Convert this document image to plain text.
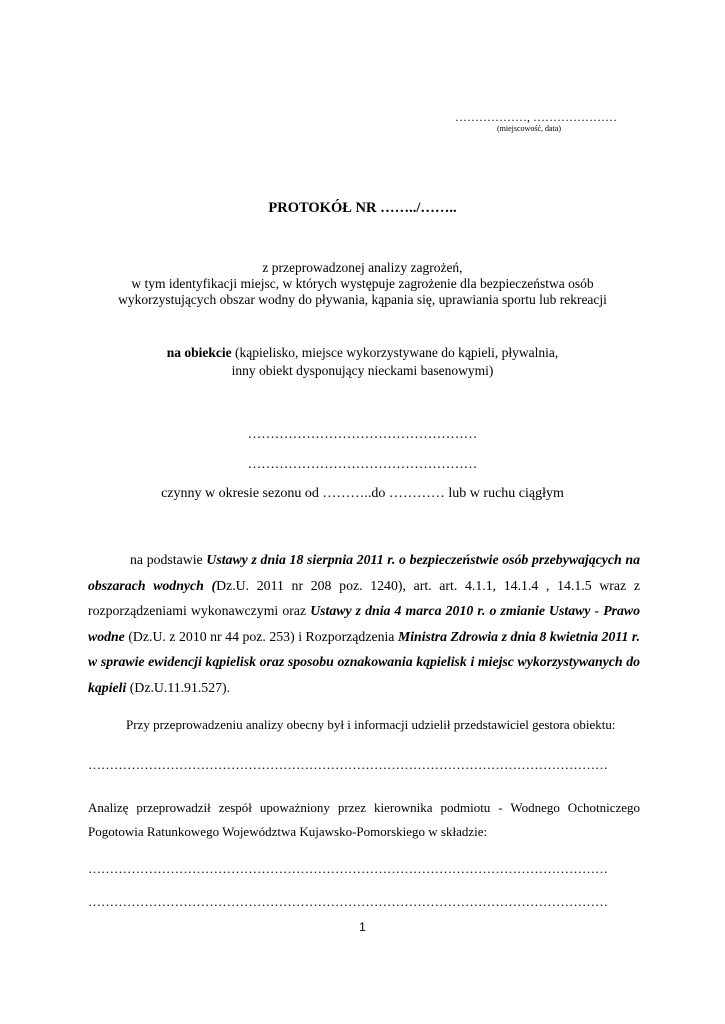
………………, …………………
(miejscowość, data)
PROTOKÓŁ NR ……../……..
z przeprowadzonej analizy zagrożeń,
w tym identyfikacji miejsc, w których występuje zagrożenie dla bezpieczeństwa osób
wykorzystujących obszar wodny do pływania, kąpania się, uprawiania sportu lub rekreacji
na obiekcie (kąpielisko, miejsce wykorzystywane do kąpieli, pływalnia,
inny obiekt dysponujący nieckami basenowymi)
……………………………………………
……………………………………………
czynny w okresie sezonu od ………..do ………… lub w ruchu ciągłym
na podstawie Ustawy z dnia 18 sierpnia 2011 r. o bezpieczeństwie osób przebywających na obszarach wodnych (Dz.U. 2011 nr 208 poz. 1240), art. art. 4.1.1, 14.1.4 , 14.1.5 wraz z rozporządzeniami wykonawczymi oraz Ustawy z dnia 4 marca 2010 r. o zmianie Ustawy - Prawo wodne (Dz.U. z 2010 nr 44 poz. 253) i Rozporządzenia Ministra Zdrowia z dnia 8 kwietnia 2011 r. w sprawie ewidencji kąpielisk oraz sposobu oznakowania kąpielisk i miejsc wykorzystywanych do kąpieli (Dz.U.11.91.527).
Przy przeprowadzeniu analizy obecny był i informacji udzielił przedstawiciel gestora obiektu:
…………………………………………………………………………………………………………
Analizę przeprowadził zespół upoważniony przez kierownika podmiotu - Wodnego Ochotniczego Pogotowia Ratunkowego Województwa Kujawsko-Pomorskiego w składzie:
…………………………………………………………………………………………………………
…………………………………………………………………………………………………………
1
